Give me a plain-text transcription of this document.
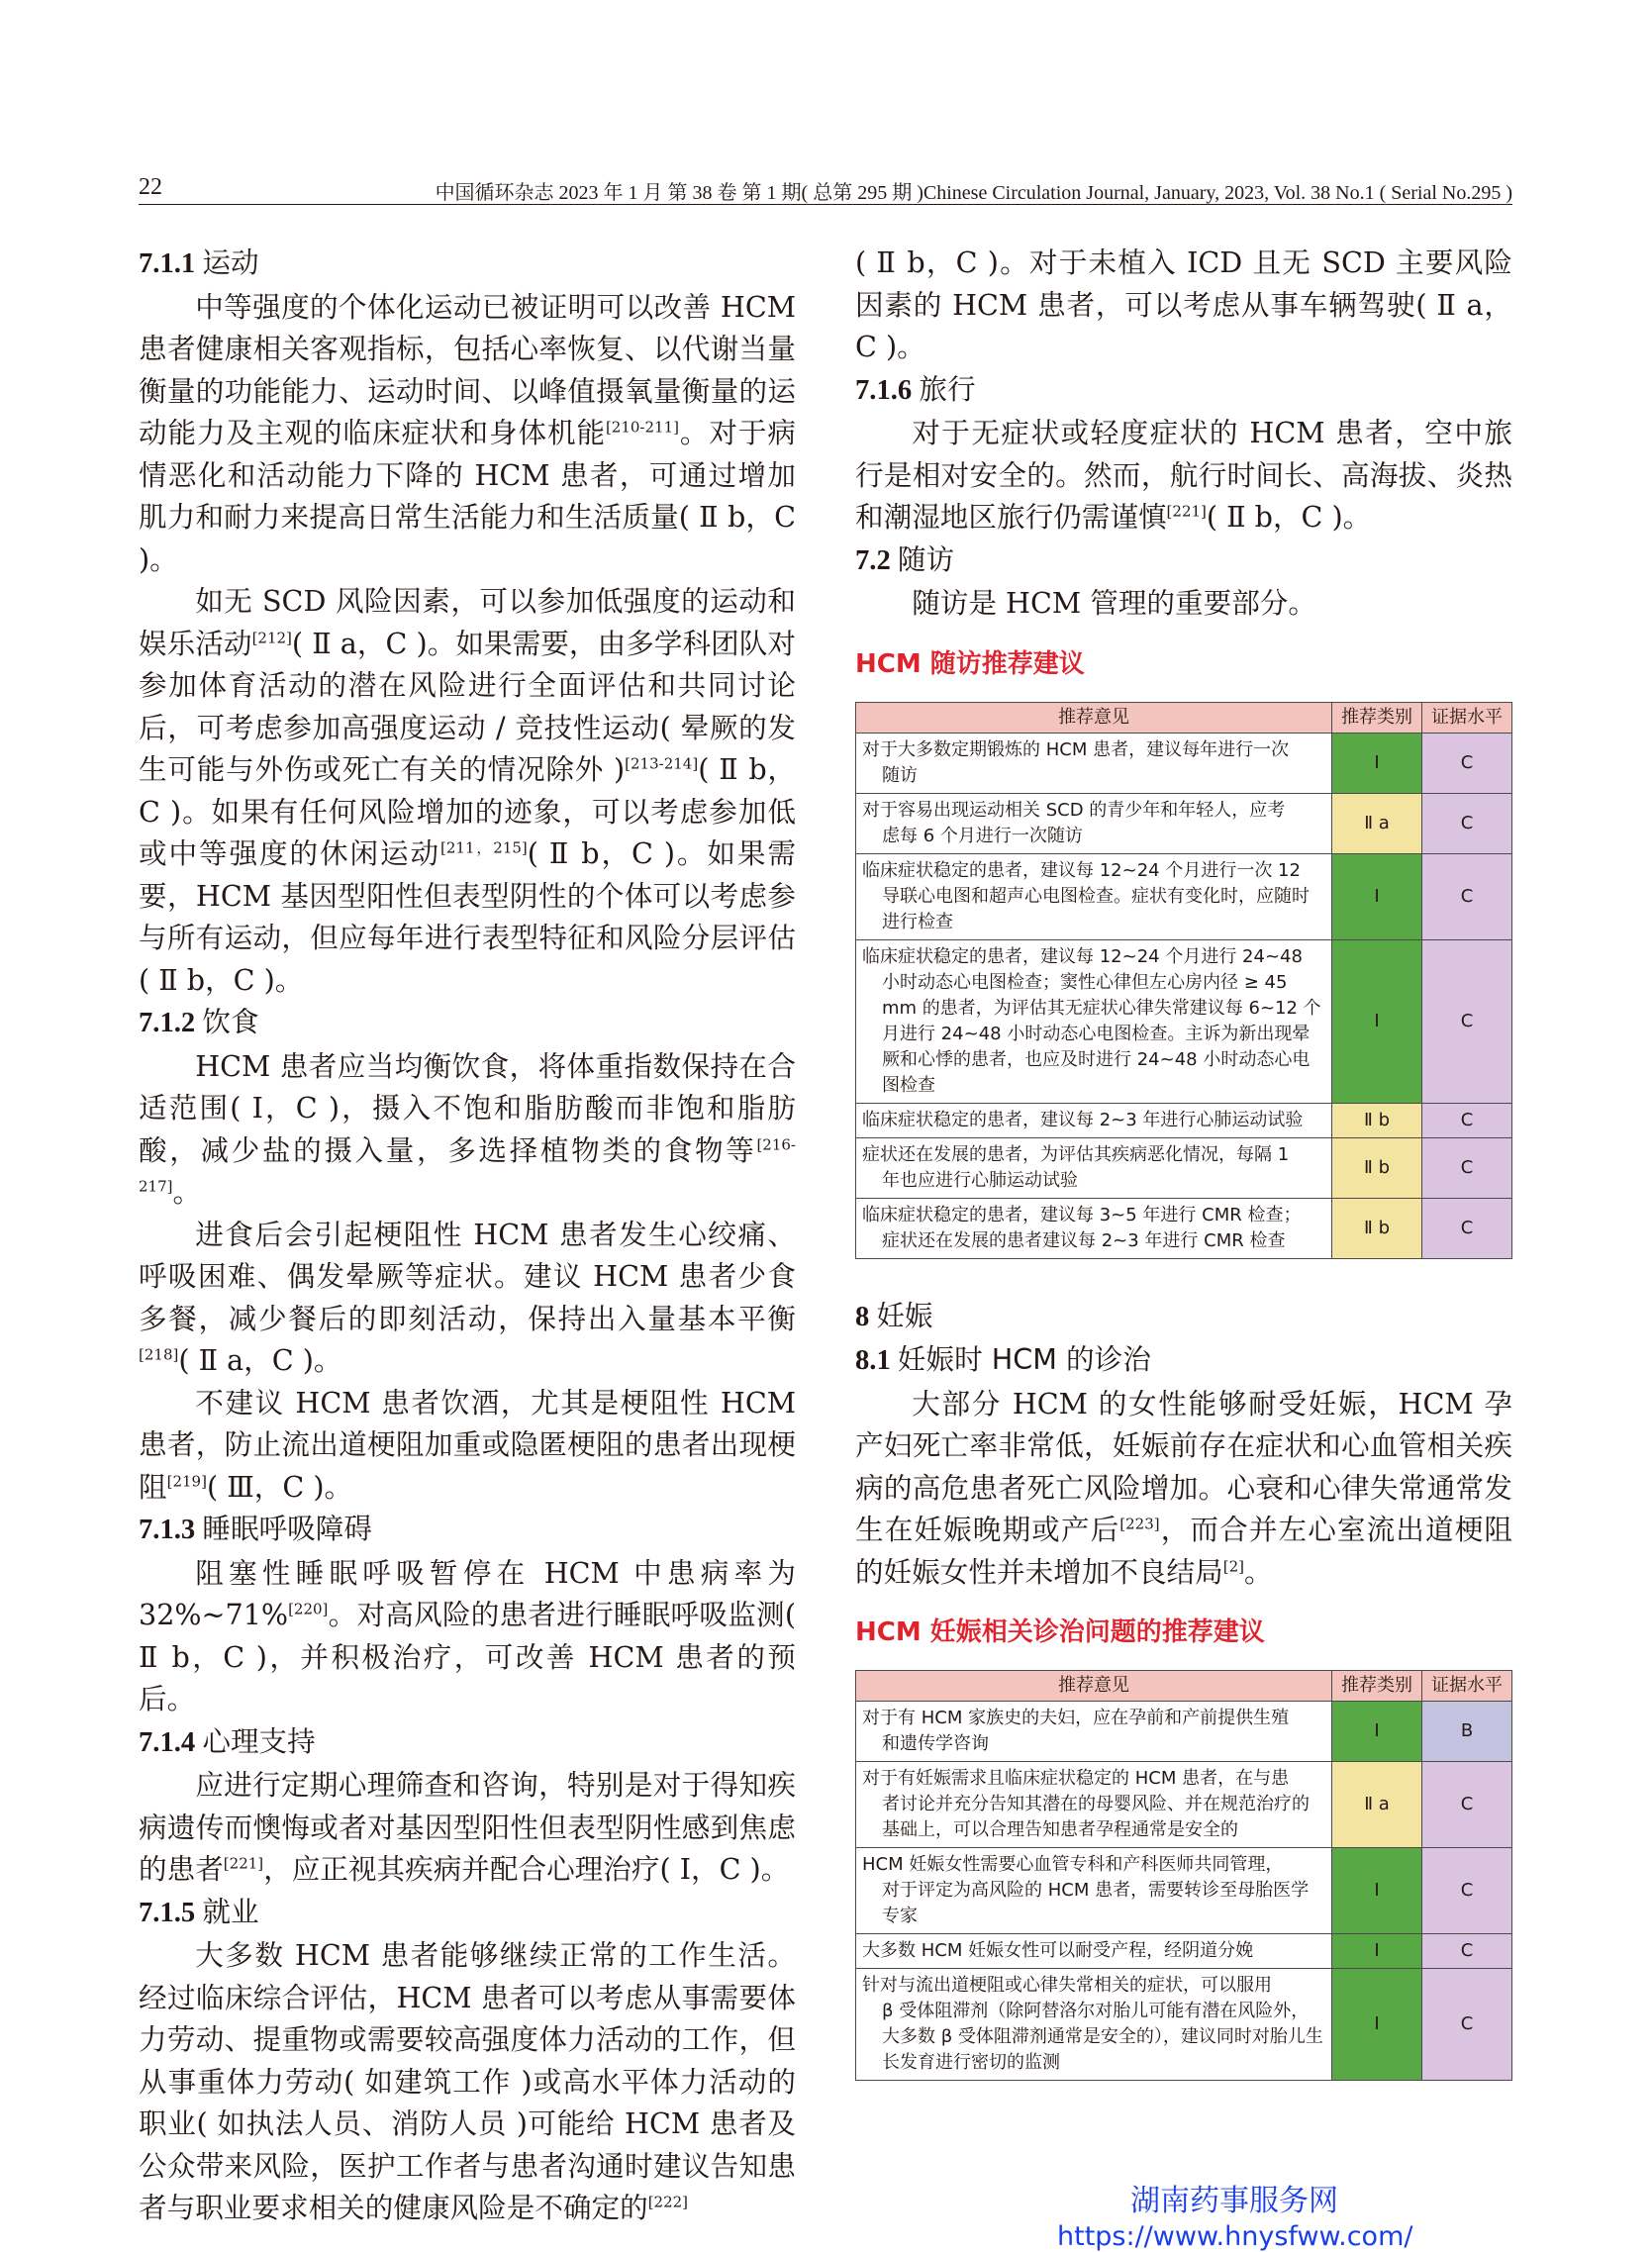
22	中国循环杂志 2023 年 1 月 第 38 卷 第 1 期( 总第 295 期 )Chinese Circulation Journal, January, 2023, Vol. 38 No.1 ( Serial No.295 )
7.1.1 运动
中等强度的个体化运动已被证明可以改善 HCM 患者健康相关客观指标，包括心率恢复、以代谢当量衡量的功能能力、运动时间、以峰值摄氧量衡量的运动能力及主观的临床症状和身体机能[210-211]。对于病情恶化和活动能力下降的 HCM 患者，可通过增加肌力和耐力来提高日常生活能力和生活质量( Ⅱ b，C )。
如无 SCD 风险因素，可以参加低强度的运动和娱乐活动[212]( Ⅱ a，C )。如果需要，由多学科团队对参加体育活动的潜在风险进行全面评估和共同讨论后，可考虑参加高强度运动 / 竞技性运动( 晕厥的发生可能与外伤或死亡有关的情况除外 )[213-214]( Ⅱ b，C )。如果有任何风险增加的迹象，可以考虑参加低或中等强度的休闲运动[211，215]( Ⅱ b，C )。如果需要，HCM 基因型阳性但表型阴性的个体可以考虑参与所有运动，但应每年进行表型特征和风险分层评估( Ⅱ b，C )。
7.1.2 饮食
HCM 患者应当均衡饮食，将体重指数保持在合适范围( Ⅰ，C )，摄入不饱和脂肪酸而非饱和脂肪酸，减少盐的摄入量，多选择植物类的食物等[216-217]。
进食后会引起梗阻性 HCM 患者发生心绞痛、呼吸困难、偶发晕厥等症状。建议 HCM 患者少食多餐，减少餐后的即刻活动，保持出入量基本平衡[218]( Ⅱ a，C )。
不建议 HCM 患者饮酒，尤其是梗阻性 HCM 患者，防止流出道梗阻加重或隐匿梗阻的患者出现梗阻[219]( Ⅲ，C )。
7.1.3 睡眠呼吸障碍
阻塞性睡眠呼吸暂停在 HCM 中患病率为 32%~71%[220]。对高风险的患者进行睡眠呼吸监测( Ⅱ b，C )，并积极治疗，可改善 HCM 患者的预后。
7.1.4 心理支持
应进行定期心理筛查和咨询，特别是对于得知疾病遗传而懊悔或者对基因型阳性但表型阴性感到焦虑的患者[221]，应正视其疾病并配合心理治疗( Ⅰ，C )。
7.1.5 就业
大多数 HCM 患者能够继续正常的工作生活。经过临床综合评估，HCM 患者可以考虑从事需要体力劳动、提重物或需要较高强度体力活动的工作，但从事重体力劳动( 如建筑工作 )或高水平体力活动的职业( 如执法人员、消防人员 )可能给 HCM 患者及公众带来风险，医护工作者与患者沟通时建议告知患者与职业要求相关的健康风险是不确定的[222]
( Ⅱ b，C )。对于未植入 ICD 且无 SCD 主要风险因素的 HCM 患者，可以考虑从事车辆驾驶( Ⅱ a，C )。
7.1.6 旅行
对于无症状或轻度症状的 HCM 患者，空中旅行是相对安全的。然而，航行时间长、高海拔、炎热和潮湿地区旅行仍需谨慎[221]( Ⅱ b，C )。
7.2 随访
随访是 HCM 管理的重要部分。
HCM 随访推荐建议
推荐意见	推荐类别	证据水平
对于大多数定期锻炼的 HCM 患者，建议每年进行一次
随访	Ⅰ	C
对于容易出现运动相关 SCD 的青少年和年轻人，应考
虑每 6 个月进行一次随访	Ⅱ a	C
临床症状稳定的患者，建议每 12~24 个月进行一次 12
导联心电图和超声心电图检查。症状有变化时，应随时进行检查	Ⅰ	C
临床症状稳定的患者，建议每 12~24 个月进行 24~48
小时动态心电图检查；窦性心律但左心房内径 ≥ 45 mm 的患者，为评估其无症状心律失常建议每 6~12 个月进行 24~48 小时动态心电图检查。主诉为新出现晕厥和心悸的患者，也应及时进行 24~48 小时动态心电图检查	Ⅰ	C
临床症状稳定的患者，建议每 2~3 年进行心肺运动试验	Ⅱ b	C
症状还在发展的患者，为评估其疾病恶化情况，每隔 1
年也应进行心肺运动试验	Ⅱ b	C
临床症状稳定的患者，建议每 3~5 年进行 CMR 检查；
症状还在发展的患者建议每 2~3 年进行 CMR 检查	Ⅱ b	C
8 妊娠
8.1 妊娠时 HCM 的诊治
大部分 HCM 的女性能够耐受妊娠，HCM 孕产妇死亡率非常低，妊娠前存在症状和心血管相关疾病的高危患者死亡风险增加。心衰和心律失常通常发生在妊娠晚期或产后[223]，而合并左心室流出道梗阻的妊娠女性并未增加不良结局[2]。
HCM 妊娠相关诊治问题的推荐建议
推荐意见	推荐类别	证据水平
对于有 HCM 家族史的夫妇，应在孕前和产前提供生殖
和遗传学咨询	Ⅰ	B
对于有妊娠需求且临床症状稳定的 HCM 患者，在与患
者讨论并充分告知其潜在的母婴风险、并在规范治疗的基础上，可以合理告知患者孕程通常是安全的	Ⅱ a	C
HCM 妊娠女性需要心血管专科和产科医师共同管理，
对于评定为高风险的 HCM 患者，需要转诊至母胎医学专家	Ⅰ	C
大多数 HCM 妊娠女性可以耐受产程，经阴道分娩	Ⅰ	C
针对与流出道梗阻或心律失常相关的症状，可以服用
β 受体阻滞剂（除阿替洛尔对胎儿可能有潜在风险外，大多数 β 受体阻滞剂通常是安全的），建议同时对胎儿生长发育进行密切的监测	Ⅰ	C
湖南药事服务网
https://www.hnysfww.com/
